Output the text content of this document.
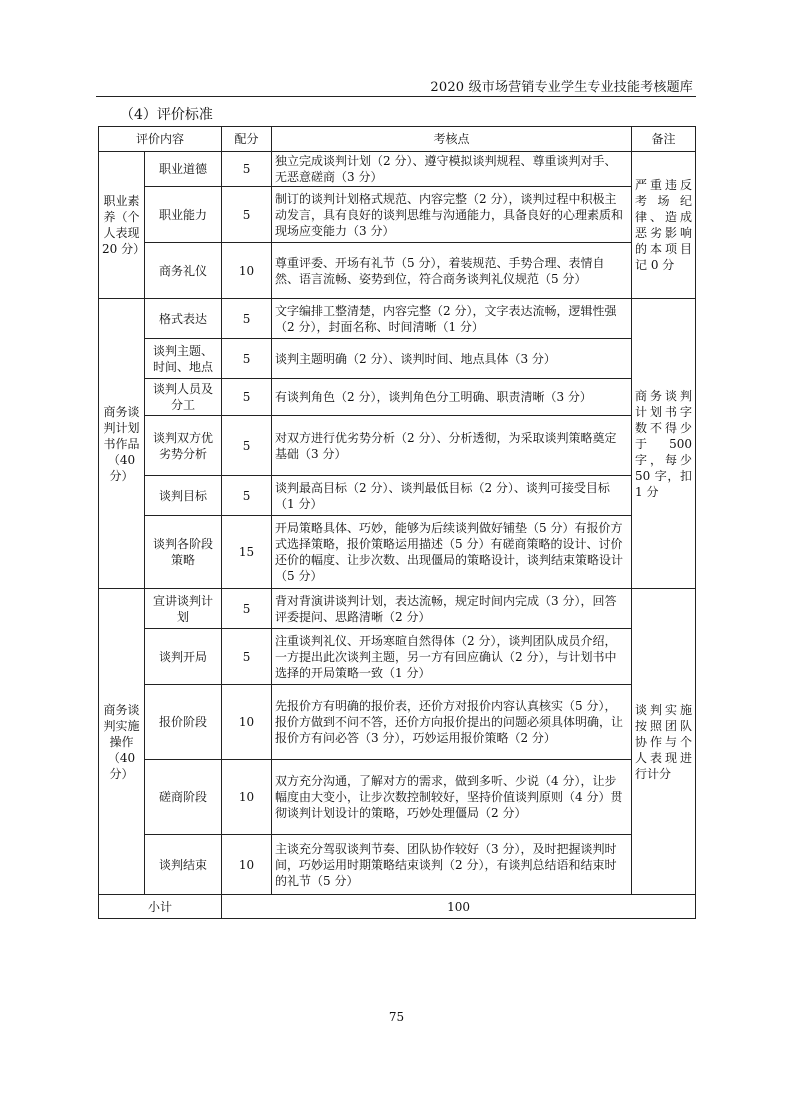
2020 级市场营销专业学生专业技能考核题库
（4）评价标准
评价内容		配分	考核点	备注
职业素养（个人表现 20 分）	职业道德	5	独立完成谈判计划（2 分）、遵守模拟谈判规程、尊重谈判对手、无恶意磋商（3 分）	严重违反考场纪律、造成恶劣影响的本项目记 0 分
	职业能力	5	制订的谈判计划格式规范、内容完整（2 分），谈判过程中积极主动发言，具有良好的谈判思维与沟通能力，具备良好的心理素质和现场应变能力（3 分）	
	商务礼仪	10	尊重评委、开场有礼节（5 分），着装规范、手势合理、表情自然、语言流畅、姿势到位，符合商务谈判礼仪规范（5 分）	
商务谈判计划书作品（40 分）	格式表达	5	文字编排工整清楚，内容完整（2 分），文字表达流畅，逻辑性强（2 分），封面名称、时间清晰（1 分）	商务谈判计划书字数不得少于 500 字，每少 50 字，扣 1 分
	谈判主题、时间、地点	5	谈判主题明确（2 分）、谈判时间、地点具体（3 分）	
	谈判人员及分工	5	有谈判角色（2 分），谈判角色分工明确、职责清晰（3 分）	
	谈判双方优劣势分析	5	对双方进行优劣势分析（2 分）、分析透彻，为采取谈判策略奠定基础（3 分）	
	谈判目标	5	谈判最高目标（2 分）、谈判最低目标（2 分）、谈判可接受目标（1 分）	
	谈判各阶段策略	15	开局策略具体、巧妙，能够为后续谈判做好铺垫（5 分）有报价方式选择策略，报价策略运用描述（5 分）有磋商策略的设计、讨价还价的幅度、让步次数、出现僵局的策略设计，谈判结束策略设计（5 分）	
商务谈判实施操作（40 分）	宣讲谈判计划	5	背对背演讲谈判计划，表达流畅，规定时间内完成（3 分），回答评委提问、思路清晰（2 分）	谈判实施按照团队协作与个人表现进行计分
	谈判开局	5	注重谈判礼仪、开场寒暄自然得体（2 分），谈判团队成员介绍，一方提出此次谈判主题，另一方有回应确认（2 分），与计划书中选择的开局策略一致（1 分）	
	报价阶段	10	先报价方有明确的报价表，还价方对报价内容认真核实（5 分），报价方做到不问不答，还价方向报价提出的问题必须具体明确，让报价方有问必答（3 分），巧妙运用报价策略（2 分）	
	磋商阶段	10	双方充分沟通，了解对方的需求，做到多听、少说（4 分），让步幅度由大变小，让步次数控制较好，坚持价值谈判原则（4 分）贯彻谈判计划设计的策略，巧妙处理僵局（2 分）	
	谈判结束	10	主谈充分驾驭谈判节奏、团队协作较好（3 分），及时把握谈判时间，巧妙运用时期策略结束谈判（2 分），有谈判总结语和结束时的礼节（5 分）	
小计		100		
75
